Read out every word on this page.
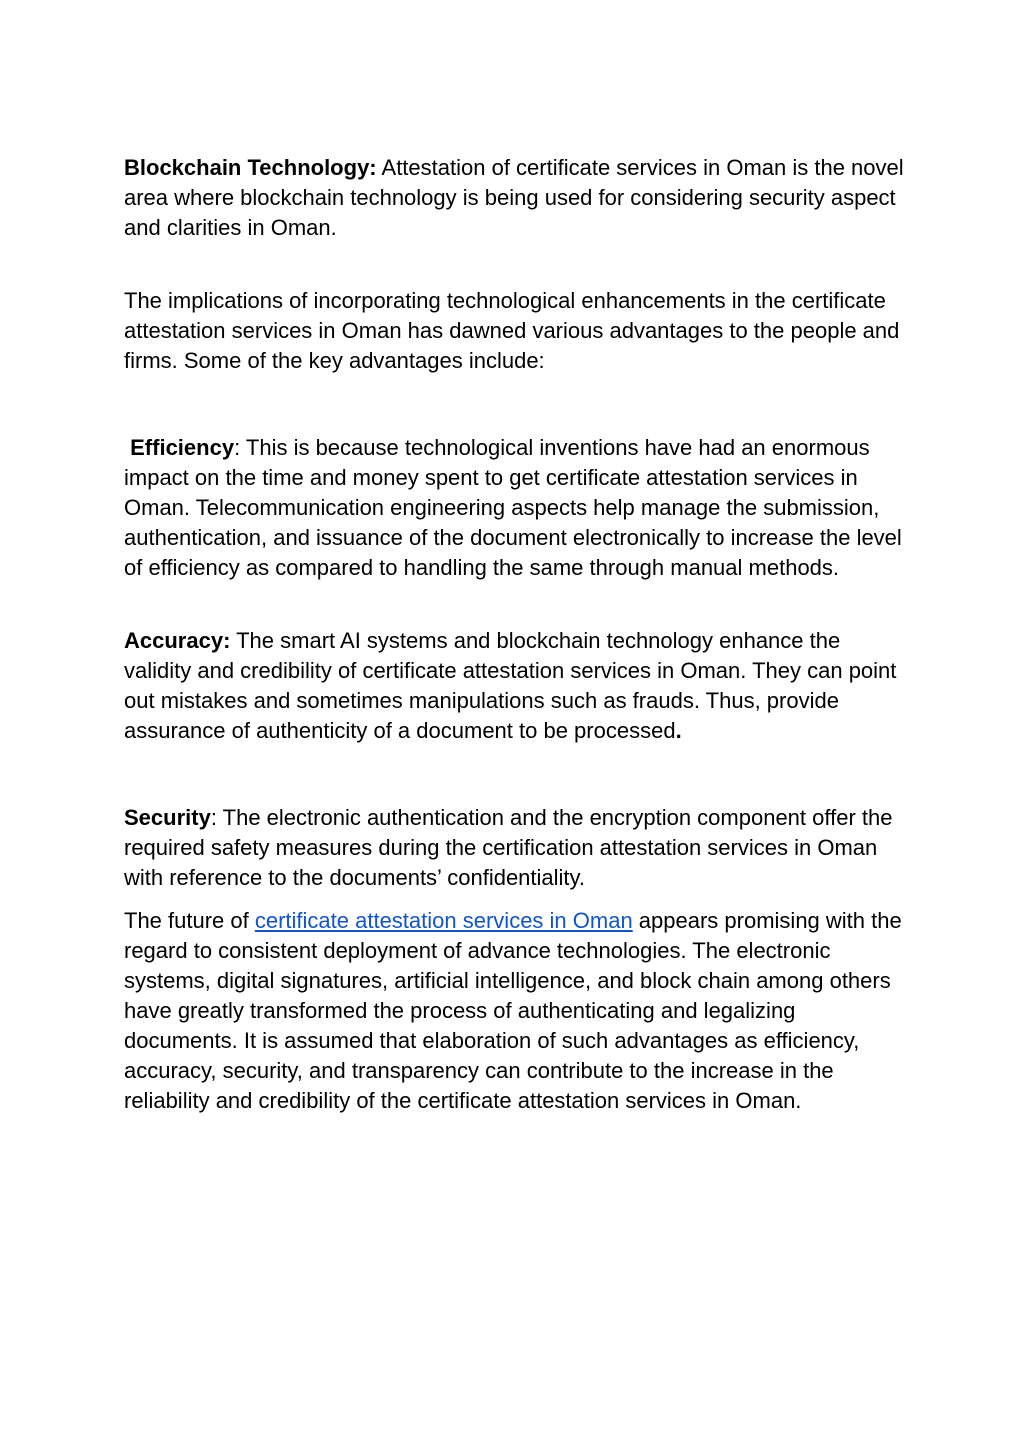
Blockchain Technology: Attestation of certificate services in Oman is the novel area where blockchain technology is being used for considering security aspect and clarities in Oman.

The implications of incorporating technological enhancements in the certificate attestation services in Oman has dawned various advantages to the people and firms. Some of the key advantages include:

Efficiency: This is because technological inventions have had an enormous impact on the time and money spent to get certificate attestation services in Oman. Telecommunication engineering aspects help manage the submission, authentication, and issuance of the document electronically to increase the level of efficiency as compared to handling the same through manual methods.

Accuracy: The smart AI systems and blockchain technology enhance the validity and credibility of certificate attestation services in Oman. They can point out mistakes and sometimes manipulations such as frauds. Thus, provide assurance of authenticity of a document to be processed.

Security: The electronic authentication and the encryption component offer the required safety measures during the certification attestation services in Oman with reference to the documents’ confidentiality.

The future of certificate attestation services in Oman appears promising with the regard to consistent deployment of advance technologies. The electronic systems, digital signatures, artificial intelligence, and block chain among others have greatly transformed the process of authenticating and legalizing documents. It is assumed that elaboration of such advantages as efficiency, accuracy, security, and transparency can contribute to the increase in the reliability and credibility of the certificate attestation services in Oman.
